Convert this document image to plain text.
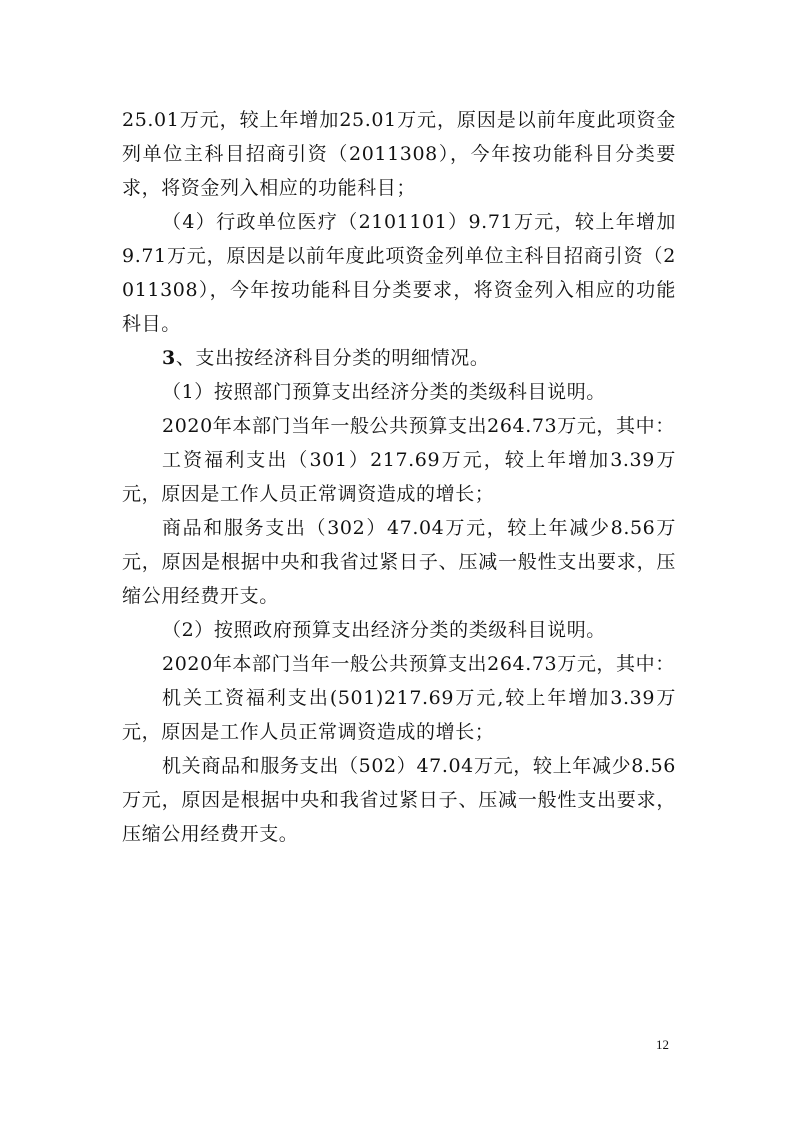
25.01万元，较上年增加25.01万元，原因是以前年度此项资金列单位主科目招商引资（2011308），今年按功能科目分类要求，将资金列入相应的功能科目；

（4）行政单位医疗（2101101）9.71万元，较上年增加9.71万元，原因是以前年度此项资金列单位主科目招商引资（2011308），今年按功能科目分类要求，将资金列入相应的功能科目。

3、支出按经济科目分类的明细情况。

（1）按照部门预算支出经济分类的类级科目说明。

2020年本部门当年一般公共预算支出264.73万元，其中：

工资福利支出（301）217.69万元，较上年增加3.39万元，原因是工作人员正常调资造成的增长；

商品和服务支出（302）47.04万元，较上年减少8.56万元，原因是根据中央和我省过紧日子、压减一般性支出要求，压缩公用经费开支。

（2）按照政府预算支出经济分类的类级科目说明。

2020年本部门当年一般公共预算支出264.73万元，其中：

机关工资福利支出(501)217.69万元,较上年增加3.39万元，原因是工作人员正常调资造成的增长；

机关商品和服务支出（502）47.04万元，较上年减少8.56万元，原因是根据中央和我省过紧日子、压减一般性支出要求，压缩公用经费开支。

12
